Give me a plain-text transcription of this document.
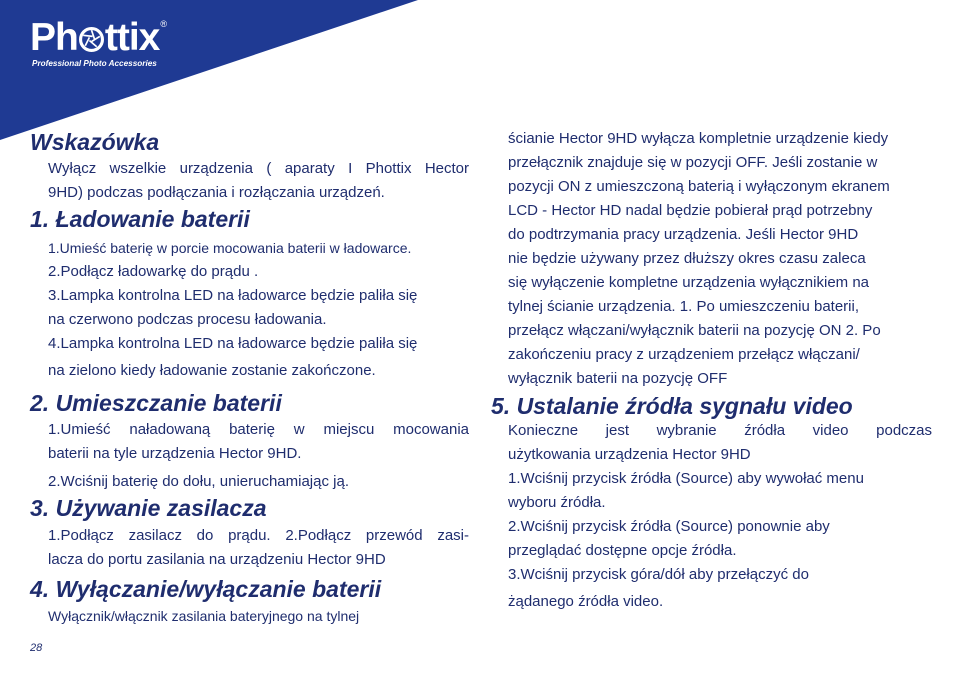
Ph ttix®
Professional Photo Accessories
Wskazówka
Wyłącz wszelkie urządzenia ( aparaty I Phottix Hector
9HD) podczas podłączania i rozłączania urządzeń.
1. Ładowanie baterii
1.Umieść baterię w porcie mocowania baterii w ładowarce.
2.Podłącz ładowarkę do prądu .
3.Lampka kontrolna LED na ładowarce będzie paliła się
na czerwono podczas procesu ładowania.
4.Lampka kontrolna LED na ładowarce będzie paliła się
na zielono kiedy ładowanie zostanie zakończone.
2. Umieszczanie baterii
1.Umieść naładowaną baterię w miejscu mocowania
baterii na tyle urządzenia Hector 9HD.
2.Wciśnij baterię do dołu, unieruchamiając ją.
3. Używanie zasilacza
1.Podłącz zasilacz do prądu. 2.Podłącz przewód zasi-
lacza do portu zasilania na urządzeniu Hector 9HD
4. Wyłączanie/wyłączanie baterii
Wyłącznik/włącznik zasilania bateryjnego na tylnej
28
ścianie Hector 9HD wyłącza kompletnie urządzenie kiedy
przełącznik znajduje się w pozycji OFF. Jeśli zostanie w
pozycji ON z umieszczoną baterią i wyłączonym ekranem
LCD - Hector HD nadal będzie pobierał prąd potrzebny
do podtrzymania pracy urządzenia. Jeśli Hector 9HD
nie będzie używany przez dłuższy okres czasu zaleca
się wyłączenie kompletne urządzenia wyłącznikiem na
tylnej ścianie urządzenia. 1. Po umieszczeniu baterii,
przełącz włączani/wyłącznik baterii na pozycję ON 2. Po
zakończeniu pracy z urządzeniem przełącz włączani/
wyłącznik baterii na pozycję OFF
5. Ustalanie źródła sygnału video
Konieczne jest wybranie źródła video podczas
użytkowania urządzenia Hector 9HD
1.Wciśnij przycisk źródła (Source) aby wywołać menu
wyboru źródła.
2.Wciśnij przycisk źródła (Source) ponownie aby
przeglądać dostępne opcje źródła.
3.Wciśnij przycisk góra/dół aby przełączyć do
żądanego źródła video.
